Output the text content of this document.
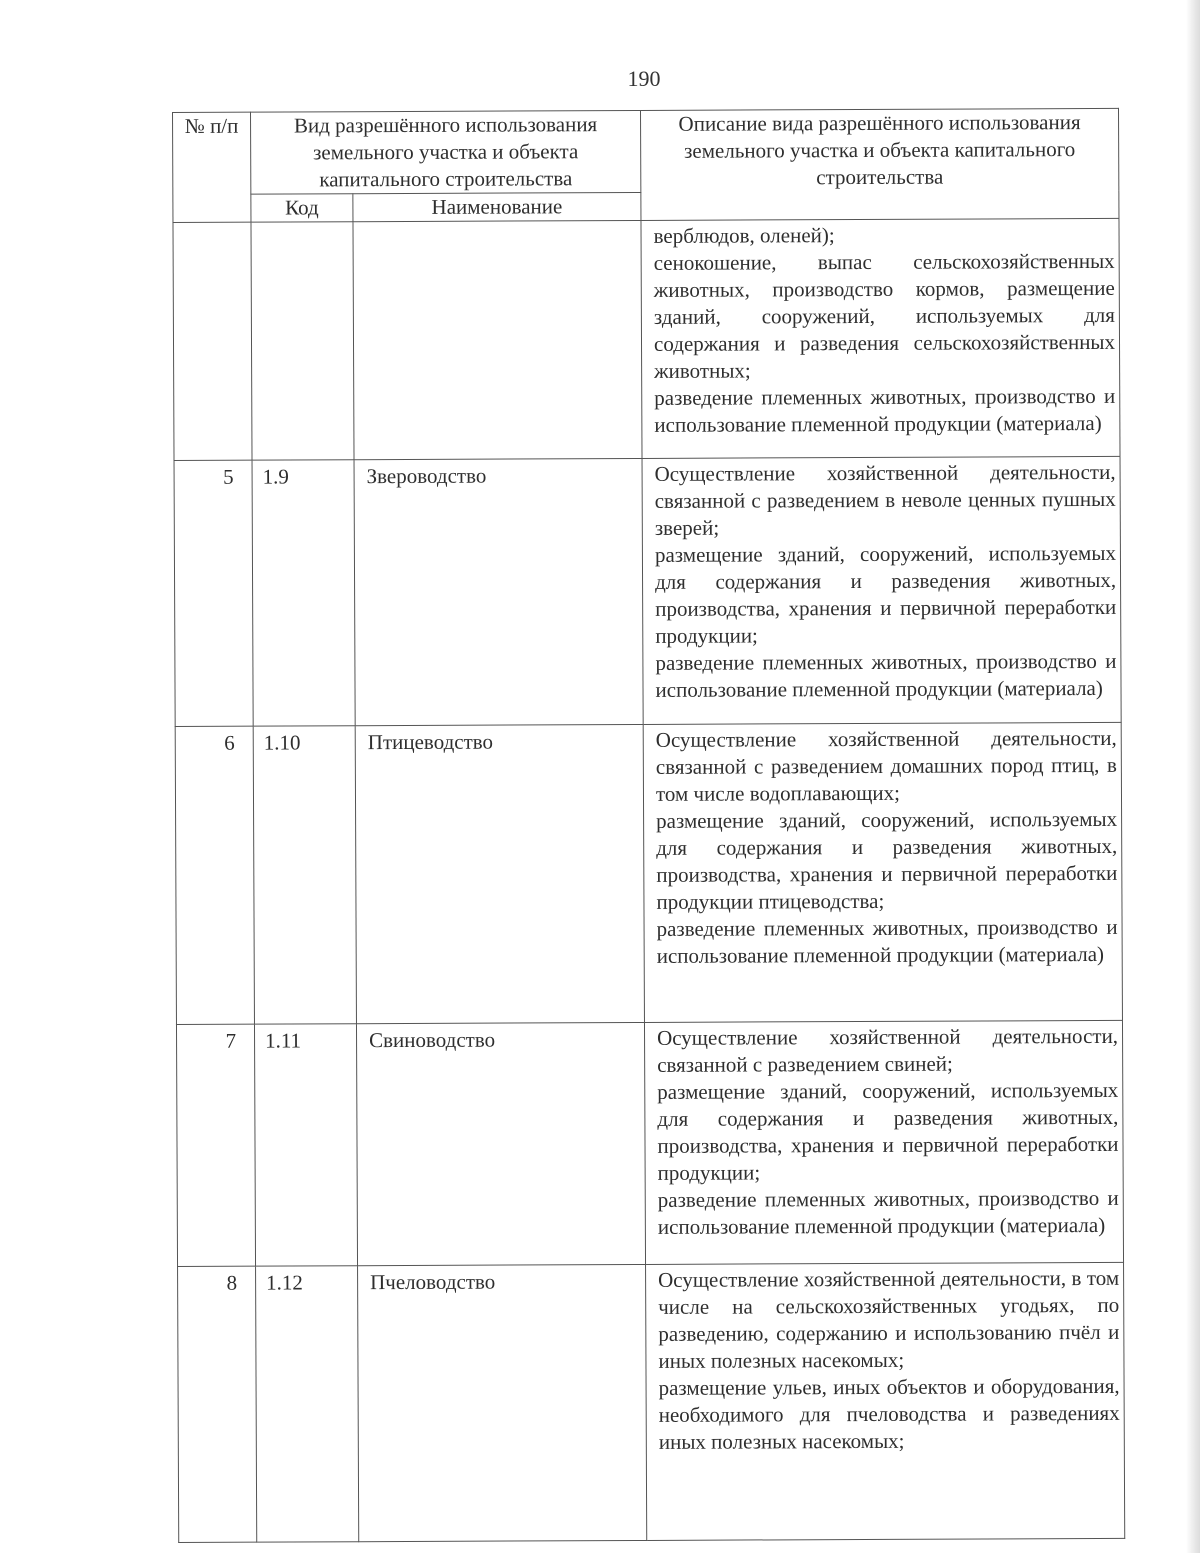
190
№ п/п	Вид разрешённого использования земельного участка и объекта капитального строительства		Описание вида разрешённого использования земельного участка и объекта капитального строительства
	Код	Наименование	

			верблюдов, оленей);
сенокошение, выпас сельскохозяйственных животных, производство кормов, размещение зданий, сооружений, используемых для содержания и разведения сельскохозяйственных животных;
разведение племенных животных, производство и использование племенной продукции (материала)

5	1.9	Звероводство	Осуществление хозяйственной деятельности, связанной с разведением в неволе ценных пушных зверей;
размещение зданий, сооружений, используемых для содержания и разведения животных, производства, хранения и первичной переработки продукции;
разведение племенных животных, производство и использование племенной продукции (материала)

6	1.10	Птицеводство	Осуществление хозяйственной деятельности, связанной с разведением домашних пород птиц, в том числе водоплавающих;
размещение зданий, сооружений, используемых для содержания и разведения животных, производства, хранения и первичной переработки продукции птицеводства;
разведение племенных животных, производство и использование племенной продукции (материала)

7	1.11	Свиноводство	Осуществление хозяйственной деятельности, связанной с разведением свиней;
размещение зданий, сооружений, используемых для содержания и разведения животных, производства, хранения и первичной переработки продукции;
разведение племенных животных, производство и использование племенной продукции (материала)

8	1.12	Пчеловодство	Осуществление хозяйственной деятельности, в том числе на сельскохозяйственных угодьях, по разведению, содержанию и использованию пчёл и иных полезных насекомых;
размещение ульев, иных объектов и оборудования, необходимого для пчеловодства и разведениях иных полезных насекомых;
